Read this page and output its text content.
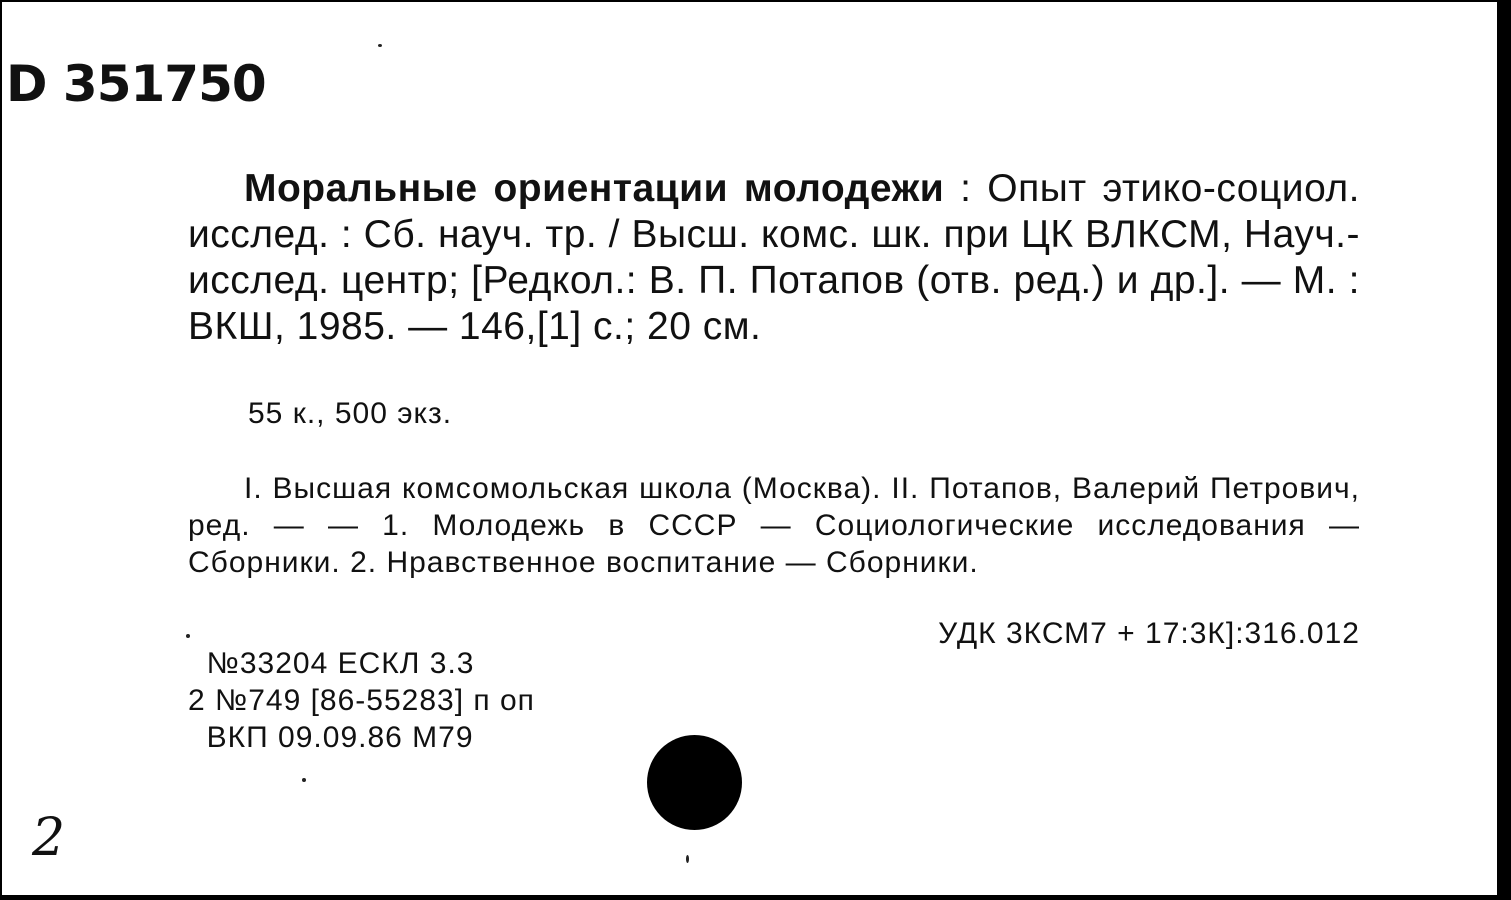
D 351750

Моральные ориентации молодежи : Опыт этико-социол. исслед. : Сб. науч. тр. / Высш. комс. шк. при ЦК ВЛКСМ, Науч.-исслед. центр; [Редкол.: В. П. Потапов (отв. ред.) и др.]. — М. : ВКШ, 1985. — 146,[1] с.; 20 см.

55 к., 500 экз.

I. Высшая комсомольская школа (Москва). II. Потапов, Валерий Петрович, ред. — — 1. Молодежь в СССР — Социологические исследования — Сборники. 2. Нравственное воспитание — Сборники.

УДК 3КСМ7 + 17:3К]:316.012
№33204 ЕСКЛ 3.3
2 №749 [86-55283] п оп
ВКП 09.09.86 М79
2
